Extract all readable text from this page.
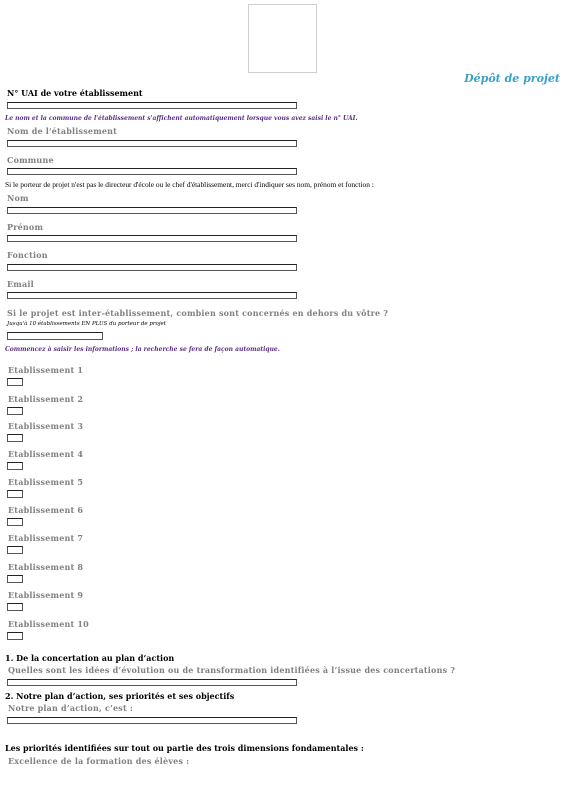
Dépôt de projet
N° UAI de votre établissement
Le nom et la commune de l'établissement s'affichent automatiquement lorsque vous avez saisi le n° UAI.
Nom de l'établissement
Commune
Si le porteur de projet n'est pas le directeur d'école ou le chef d'établissement, merci d'indiquer ses nom, prénom et fonction :
Nom
Prénom
Fonction
Email
Si le projet est inter-établissement, combien sont concernés en dehors du vôtre ?
Jusqu'à 10 établissements EN PLUS du porteur de projet
Commencez à saisir les informations ; la recherche se fera de façon automatique.
Etablissement 1
Etablissement 2
Etablissement 3
Etablissement 4
Etablissement 5
Etablissement 6
Etablissement 7
Etablissement 8
Etablissement 9
Etablissement 10
1. De la concertation au plan d’action
Quelles sont les idées d’évolution ou de transformation identifiées à l’issue des concertations ?
2. Notre plan d’action, ses priorités et ses objectifs
Notre plan d’action, c’est :
Les priorités identifiées sur tout ou partie des trois dimensions fondamentales :
Excellence de la formation des élèves :
